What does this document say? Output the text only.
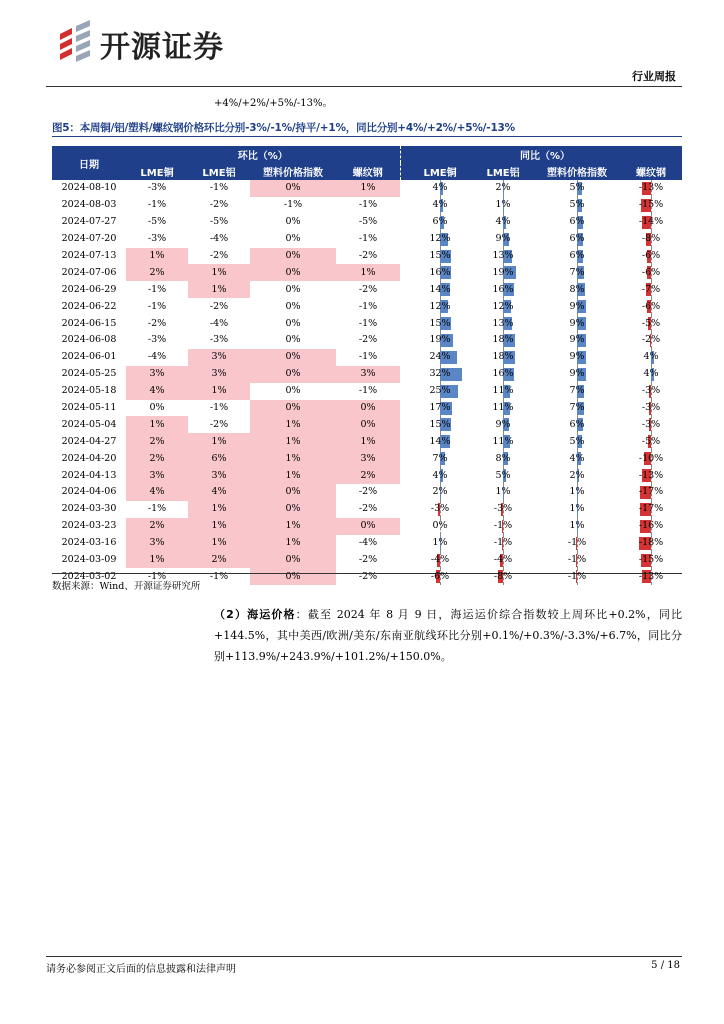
开源证券
行业周报
+4%/+2%/+5%/-13%。
图5：本周铜/铝/塑料/螺纹钢价格环比分别-3%/-1%/持平/+1%，同比分别+4%/+2%/+5%/-13%
日期	环比（%）					同比（%）			
	LME铜	LME铝	塑料价格指数	螺纹钢		LME铜	LME铝	塑料价格指数	螺纹钢
2024-08-10	-3%	-1%	0%	1%		4%	2%	5%	-13%
2024-08-03	-1%	-2%	-1%	-1%		4%	1%	5%	-15%
2024-07-27	-5%	-5%	0%	-5%		6%	4%	6%	-14%
2024-07-20	-3%	-4%	0%	-1%		12%	9%	6%	-8%
2024-07-13	1%	-2%	0%	-2%		15%	13%	6%	-6%
2024-07-06	2%	1%	0%	1%		16%	19%	7%	-6%
2024-06-29	-1%	1%	0%	-2%		14%	16%	8%	-7%
2024-06-22	-1%	-2%	0%	-1%		12%	12%	9%	-6%
2024-06-15	-2%	-4%	0%	-1%		15%	13%	9%	-5%
2024-06-08	-3%	-3%	0%	-2%		19%	18%	9%	-2%
2024-06-01	-4%	3%	0%	-1%		24%	18%	9%	4%
2024-05-25	3%	3%	0%	3%		32%	16%	9%	4%
2024-05-18	4%	1%	0%	-1%		25%	11%	7%	-3%
2024-05-11	0%	-1%	0%	0%		17%	11%	7%	-3%
2024-05-04	1%	-2%	1%	0%		15%	9%	6%	-3%
2024-04-27	2%	1%	1%	1%		14%	11%	5%	-5%
2024-04-20	2%	6%	1%	3%		7%	8%	4%	-10%
2024-04-13	3%	3%	1%	2%		4%	5%	2%	-13%
2024-04-06	4%	4%	0%	-2%		2%	1%	1%	-17%
2024-03-30	-1%	1%	0%	-2%		-3%	-3%	1%	-17%
2024-03-23	2%	1%	1%	0%		0%	-1%	1%	-16%
2024-03-16	3%	1%	1%	-4%		1%	-1%	-1%	-18%
2024-03-09	1%	2%	0%	-2%		-4%	-4%	-1%	-15%
2024-03-02	-1%	-1%	0%	-2%		-6%	-8%	-1%	-13%
数据来源：Wind、开源证券研究所
（2）海运价格：截至 2024 年 8 月 9 日，海运运价综合指数较上周环比+0.2%，同比+144.5%，其中美西/欧洲/美东/东南亚航线环比分别+0.1%/+0.3%/-3.3%/+6.7%，同比分别+113.9%/+243.9%/+101.2%/+150.0%。
请务必参阅正文后面的信息披露和法律声明	5 / 18
